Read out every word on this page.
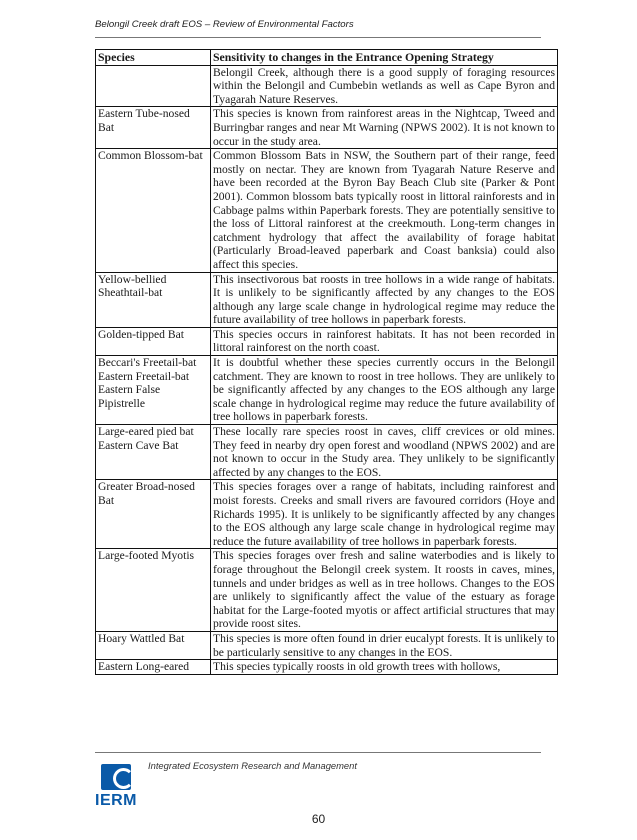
Belongil Creek draft EOS – Review of Environmental Factors
Species	Sensitivity to changes in the Entrance Opening Strategy
	Belongil Creek, although there is a good supply of foraging resources within the Belongil and Cumbebin wetlands as well as Cape Byron and Tyagarah Nature Reserves.
Eastern Tube-nosed Bat	This species is known from rainforest areas in the Nightcap, Tweed and Burringbar ranges and near Mt Warning (NPWS 2002). It is not known to occur in the study area.
Common Blossom-bat	Common Blossom Bats in NSW, the Southern part of their range, feed mostly on nectar. They are known from Tyagarah Nature Reserve and have been recorded at the Byron Bay Beach Club site (Parker & Pont 2001). Common blossom bats typically roost in littoral rainforests and in Cabbage palms within Paperbark forests. They are potentially sensitive to the loss of Littoral rainforest at the creekmouth. Long-term changes in catchment hydrology that affect the availability of forage habitat (Particularly Broad-leaved paperbark and Coast banksia) could also affect this species.
Yellow-bellied Sheathtail-bat	This insectivorous bat roosts in tree hollows in a wide range of habitats. It is unlikely to be significantly affected by any changes to the EOS although any large scale change in hydrological regime may reduce the future availability of tree hollows in paperbark forests.
Golden-tipped Bat	This species occurs in rainforest habitats. It has not been recorded in littoral rainforest on the north coast.
Beccari's Freetail-bat Eastern Freetail-bat Eastern False Pipistrelle	It is doubtful whether these species currently occurs in the Belongil catchment. They are known to roost in tree hollows. They are unlikely to be significantly affected by any changes to the EOS although any large scale change in hydrological regime may reduce the future availability of tree hollows in paperbark forests.
Large-eared pied bat Eastern Cave Bat	These locally rare species roost in caves, cliff crevices or old mines. They feed in nearby dry open forest and woodland (NPWS 2002) and are not known to occur in the Study area. They unlikely to be significantly affected by any changes to the EOS.
Greater Broad-nosed Bat	This species forages over a range of habitats, including rainforest and moist forests. Creeks and small rivers are favoured corridors (Hoye and Richards 1995). It is unlikely to be significantly affected by any changes to the EOS although any large scale change in hydrological regime may reduce the future availability of tree hollows in paperbark forests.
Large-footed Myotis	This species forages over fresh and saline waterbodies and is likely to forage throughout the Belongil creek system. It roosts in caves, mines, tunnels and under bridges as well as in tree hollows. Changes to the EOS are unlikely to significantly affect the value of the estuary as forage habitat for the Large-footed myotis or affect artificial structures that may provide roost sites.
Hoary Wattled Bat	This species is more often found in drier eucalypt forests. It is unlikely to be particularly sensitive to any changes in the EOS.
Eastern Long-eared	This species typically roosts in old growth trees with hollows,
IERM
Integrated Ecosystem Research and Management
60
